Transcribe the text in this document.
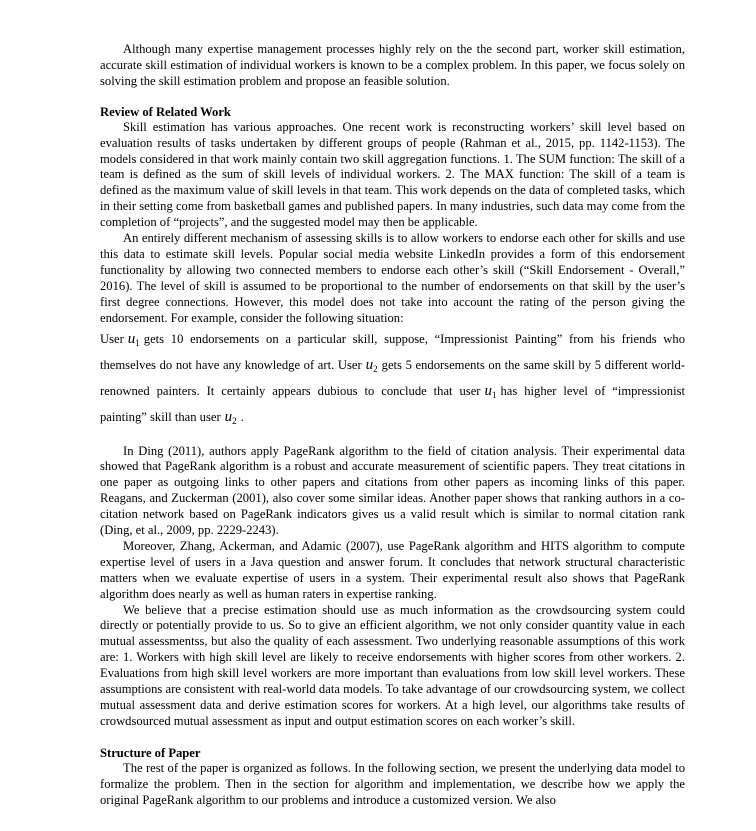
Although many expertise management processes highly rely on the the second part, worker skill estimation, accurate skill estimation of individual workers is known to be a complex problem. In this paper, we focus solely on solving the skill estimation problem and propose an feasible solution.

Review of Related Work

Skill estimation has various approaches. One recent work is reconstructing workers’ skill level based on evaluation results of tasks undertaken by different groups of people (Rahman et al., 2015, pp. 1142-1153). The models considered in that work mainly contain two skill aggregation functions. 1. The SUM function: The skill of a team is defined as the sum of skill levels of individual workers. 2. The MAX function: The skill of a team is defined as the maximum value of skill levels in that team. This work depends on the data of completed tasks, which in their setting come from basketball games and published papers. In many industries, such data may come from the completion of “projects”, and the suggested model may then be applicable.

An entirely different mechanism of assessing skills is to allow workers to endorse each other for skills and use this data to estimate skill levels. Popular social media website LinkedIn provides a form of this endorsement functionality by allowing two connected members to endorse each other’s skill (“Skill Endorsement - Overall,” 2016). The level of skill is assumed to be proportional to the number of endorsements on that skill by the user’s first degree connections. However, this model does not take into account the rating of the person giving the endorsement. For example, consider the following situation:

User $u_1$ gets 10 endorsements on a particular skill, suppose, “Impressionist Painting” from his friends who themselves do not have any knowledge of art. User $u_2$ gets 5 endorsements on the same skill by 5 different world-renowned painters. It certainly appears dubious to conclude that user $u_1$ has higher level of “impressionist painting” skill than user $u_2$ .

In Ding (2011), authors apply PageRank algorithm to the field of citation analysis. Their experimental data showed that PageRank algorithm is a robust and accurate measurement of scientific papers. They treat citations in one paper as outgoing links to other papers and citations from other papers as incoming links of this paper. Reagans, and Zuckerman (2001), also cover some similar ideas. Another paper shows that ranking authors in a co-citation network based on PageRank indicators gives us a valid result which is similar to normal citation rank (Ding, et al., 2009, pp. 2229-2243).

Moreover, Zhang, Ackerman, and Adamic (2007), use PageRank algorithm and HITS algorithm to compute expertise level of users in a Java question and answer forum. It concludes that network structural characteristic matters when we evaluate expertise of users in a system. Their experimental result also shows that PageRank algorithm does nearly as well as human raters in expertise ranking.

We believe that a precise estimation should use as much information as the crowdsourcing system could directly or potentially provide to us. So to give an efficient algorithm, we not only consider quantity value in each mutual assessmentss, but also the quality of each assessment. Two underlying reasonable assumptions of this work are: 1. Workers with high skill level are likely to receive endorsements with higher scores from other workers. 2. Evaluations from high skill level workers are more important than evaluations from low skill level workers. These assumptions are consistent with real-world data models. To take advantage of our crowdsourcing system, we collect mutual assessment data and derive estimation scores for workers. At a high level, our algorithms take results of crowdsourced mutual assessment as input and output estimation scores on each worker’s skill.

Structure of Paper

The rest of the paper is organized as follows. In the following section, we present the underlying data model to formalize the problem. Then in the section for algorithm and implementation, we describe how we apply the original PageRank algorithm to our problems and introduce a customized version. We also
